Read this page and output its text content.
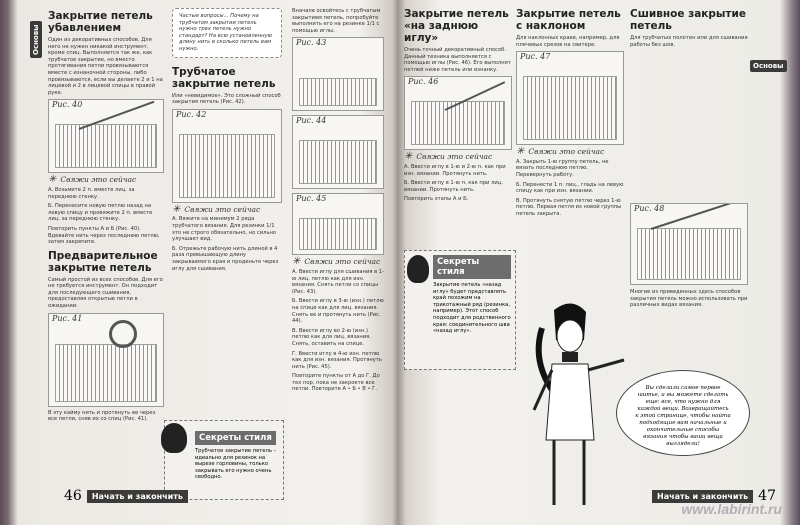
Основы
Закрытие петель убавлением
Один из декоративных способов. Для него не нужен никакой инструмент, кроме спиц. Выполняется так же, как трубчатое закрытие, но вместо протягивания петли провязываются вместе с изнаночной стороны, либо провязываются, если вы делаете 2 и 1 на лицевой и 2 в лицевой спицы в правой руке.
Рис. 40
✳ Свяжи это сейчас
А. Возьмите 2 п. вместе лиц. за переднюю стенку.
Б. Перенесите новую петлю назад на левую спицу и провяжите 2 п. вместе лиц. за переднюю стенку.
Повторить пункты А и Б (Рис. 40). Вдевайте нить через последнюю петлю, затем закрепите.
Предварительное закрытие петель
Самый простой из всех способов. Для его не требуется инструмент. Он подходит для последующего сшивания, предоставляя открытые петли в ожидании.
Рис. 41
В эту кайму нить и протянуть ее через все петли, сняв их со спиц (Рис. 41).
Частые вопросы... Почему на трубчатом закрытии петель нужно трех петель нужно стандарт? На всю установленную длину нить в сколько петель вам нужно.
Трубчатое закрытие петель
Или «невидимое». Это сложный способ закрытия петель (Рис. 42).
Рис. 42
✳ Свяжи это сейчас
А. Вяжите на минимум 2 ряда трубчатого вязания. Для резинки 1/1 это не строго обязательно, но сильно улучшает вид.
Б. Отрежьте рабочую нить длиной в 4 раза превышающую длину закрываемого края и проденьте через иглу для сшивания.
Секреты стиля
Трубчатое закрытие петель – идеально для резинок на вырезе горловины, только закрывать его нужно очень свободно.
Вначале освойтесь с трубчатым закрытием петель, попробуйте выполнить его на резинке 1/1 с помощью иглы.
Рис. 43
Рис. 44
Рис. 45
✳ Свяжи это сейчас
А. Ввести иглу для сшивания в 1-ю лиц. петлю как для изн. вязания. Снять петли со спицы (Рис. 43).
Б. Ввести иглу в 3-ю (изн.) петлю на спице как для лиц. вязания. Снять ее и протянуть нить (Рис. 44).
В. Ввести иглу во 2-ю (изн.) петлю как для лиц. вязания. Снять, оставить на спице.
Г. Ввести иглу в 4-ю изн. петлю как для изн. вязания. Протянуть нить (Рис. 45).
Повторите пункты от А до Г. До тех пор, пока не закроете все петли. Повторите А • Б • В • Г.
46	Начать и закончить
Основы
Закрытие петель «на заднюю иглу»
Очень точный декоративный способ. Данный техника выполняется с помощью иглы (Рис. 46). Его выполнят петлей ниже петель или изнанку.
Рис. 46
✳ Свяжи это сейчас
А. Ввести иглу в 1-ю и 2-ю п. как при изн. вязании. Протянуть нить.
Б. Ввести иглу в 1-ю п. как при лиц. вязании. Протянуть нить.
Повторить этапы А и Б.
Секреты стиля
Закрытие петель «назад иглу» будет представлять край похожим на трикотажный ряд (резинка, например). Этот способ подходит для родственного края: соединительного шва «назад иглу».
Закрытие петель с наклоном
Для наклонных краев, например, для плечевых срезов на свитере.
Рис. 47
✳ Свяжи это сейчас
А. Закрыть 1-ю группу петель, не вязать последнюю петлю. Перевернуть работу.
Б. Перенести 1 п. лиц., гладь на левую спицу как при изн. вязании.
В. Протянуть снятую петлю через 1-ю петлю. Первая петля из новой группы петель закрыта.
Сшивное закрытие петель
Для трубчатых полотен или для сшивания работы без шов.
Рис. 48
Многие из приведенных здесь способов закрытия петель можно использовать при различных видах вязания.
Вы сделали самое первое шитье, и вы можете сделать еще: все, что нужно для каждой вещи. Возвращайтесь к этой странице, чтобы найти подходящие вам начальные и окончательные способы вязания чтобы ваши вещи выглядели!
Начать и закончить 47
www.labirint.ru
